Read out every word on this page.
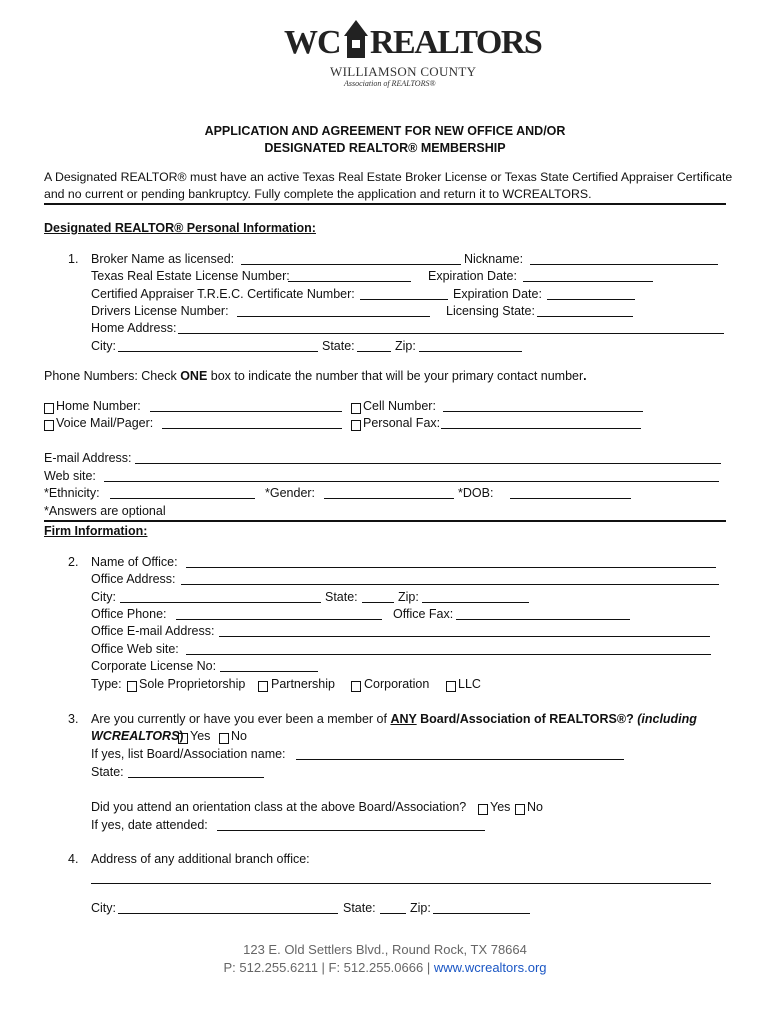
WC REALTORS
WILLIAMSON COUNTY
Association of REALTORS®
APPLICATION AND AGREEMENT FOR NEW OFFICE AND/OR
DESIGNATED REALTOR® MEMBERSHIP
A Designated REALTOR® must have an active Texas Real Estate Broker License or Texas State Certified Appraiser Certificate
and no current or pending bankruptcy. Fully complete the application and return it to WCREALTORS.
Designated REALTOR® Personal Information:
1. Broker Name as licensed:	Nickname:
Texas Real Estate License Number:	Expiration Date:
Certified Appraiser T.R.E.C. Certificate Number:	Expiration Date:
Drivers License Number:	Licensing State:
Home Address:
City:	State:	Zip:
Phone Numbers: Check ONE box to indicate the number that will be your primary contact number.
Home Number:	Cell Number:
Voice Mail/Pager:	Personal Fax:
E-mail Address:
Web site:
*Ethnicity:	*Gender:	*DOB:
*Answers are optional
Firm Information:
2. Name of Office:
Office Address:
City:	State:	Zip:
Office Phone:	Office Fax:
Office E-mail Address:
Office Web site:
Corporate License No:
Type: Sole Proprietorship Partnership Corporation LLC
3. Are you currently or have you ever been a member of ANY Board/Association of REALTORS®? (including
WCREALTORS) Yes No
If yes, list Board/Association name:
State:
Did you attend an orientation class at the above Board/Association? Yes No
If yes, date attended:
4. Address of any additional branch office:
City:	State:	Zip:
123 E. Old Settlers Blvd., Round Rock, TX 78664
P: 512.255.6211 | F: 512.255.0666 | www.wcrealtors.org
